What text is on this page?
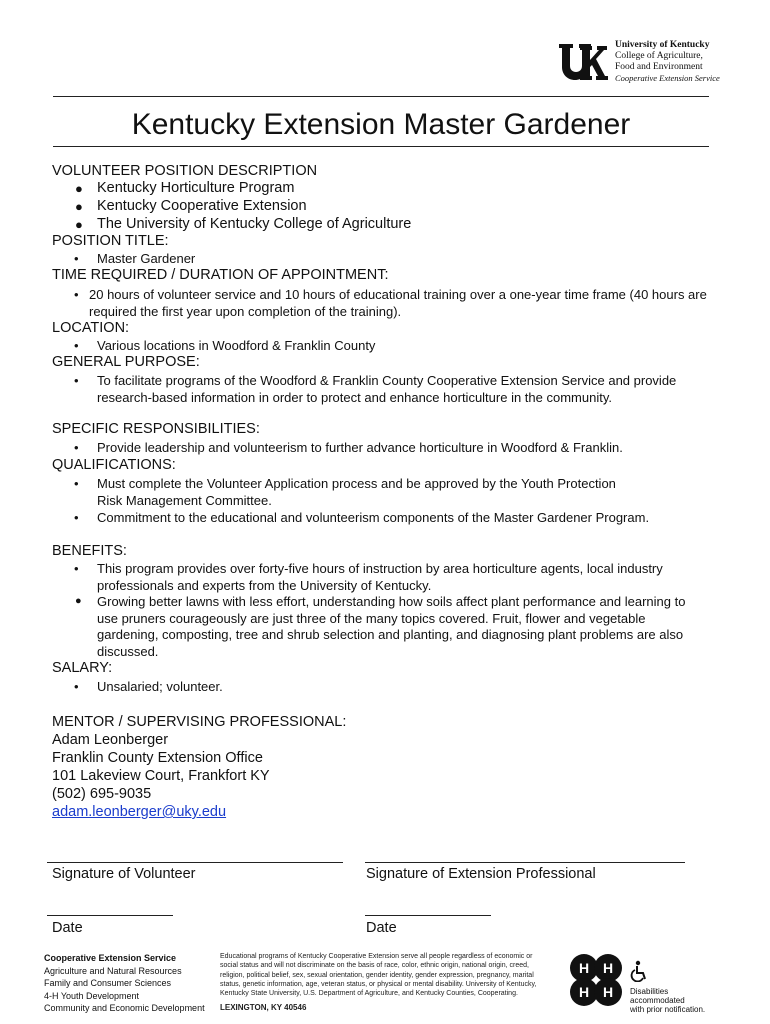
University of Kentucky
College of Agriculture,
Food and Environment
Cooperative Extension Service
Kentucky Extension Master Gardener
VOLUNTEER POSITION DESCRIPTION
● Kentucky Horticulture Program
● Kentucky Cooperative Extension
● The University of Kentucky College of Agriculture
POSITION TITLE:
• Master Gardener
TIME REQUIRED / DURATION OF APPOINTMENT:
• 20 hours of volunteer service and 10 hours of educational training over a one-year time frame (40 hours are required the first year upon completion of the training).
LOCATION:
• Various locations in Woodford & Franklin County
GENERAL PURPOSE:
• To facilitate programs of the Woodford & Franklin County Cooperative Extension Service and provide research-based information in order to protect and enhance horticulture in the community.
SPECIFIC RESPONSIBILITIES:
• Provide leadership and volunteerism to further advance horticulture in Woodford & Franklin.
QUALIFICATIONS:
• Must complete the Volunteer Application process and be approved by the Youth Protection Risk Management Committee.
• Commitment to the educational and volunteerism components of the Master Gardener Program.
BENEFITS:
• This program provides over forty-five hours of instruction by area horticulture agents, local industry professionals and experts from the University of Kentucky.
● Growing better lawns with less effort, understanding how soils affect plant performance and learning to use pruners courageously are just three of the many topics covered. Fruit, flower and vegetable gardening, composting, tree and shrub selection and planting, and diagnosing plant problems are also discussed.
SALARY:
• Unsalaried; volunteer.
MENTOR / SUPERVISING PROFESSIONAL:
Adam Leonberger
Franklin County Extension Office
101 Lakeview Court, Frankfort KY
(502) 695-9035
adam.leonberger@uky.edu
Signature of Volunteer	Signature of Extension Professional
Date	Date
Cooperative Extension Service
Agriculture and Natural Resources
Family and Consumer Sciences
4-H Youth Development
Community and Economic Development
Educational programs of Kentucky Cooperative Extension serve all people regardless of economic or social status and will not discriminate on the basis of race, color, ethnic origin, national origin, creed, religion, political belief, sex, sexual orientation, gender identity, gender expression, pregnancy, marital status, genetic information, age, veteran status, or physical or mental disability. University of Kentucky, Kentucky State University, U.S. Department of Agriculture, and Kentucky Counties, Cooperating.
LEXINGTON, KY 40546
H H
H H Disabilities
accommodated
with prior notification.
